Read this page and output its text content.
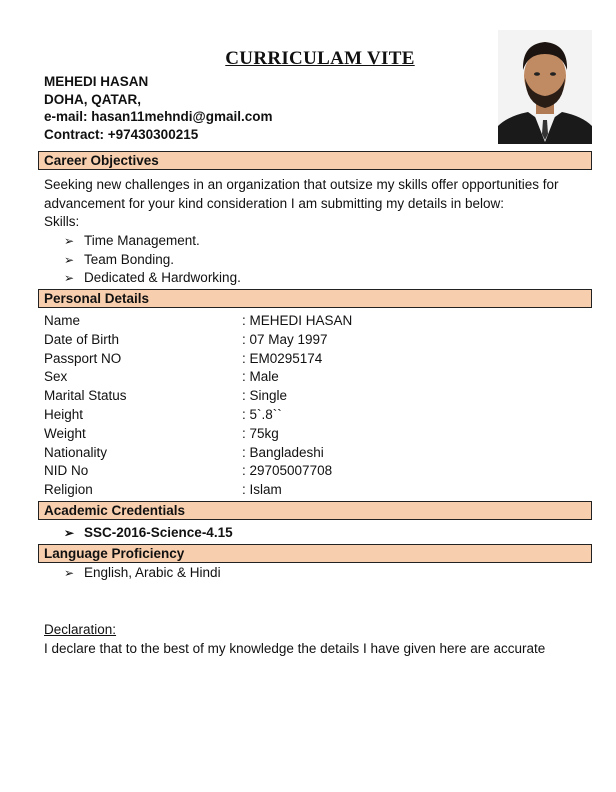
CURRICULAM VITE
MEHEDI HASAN
DOHA, QATAR,
e-mail: hasan11mehndi@gmail.com
Contract: +97430300215
Career Objectives
Seeking new challenges in an organization that outsize my skills offer opportunities for
advancement for your kind consideration I am submitting my details in below:
Skills:
➢ Time Management.
➢ Team Bonding.
➢ Dedicated & Hardworking.
Personal Details
Name	: MEHEDI HASAN
Date of Birth	: 07 May 1997
Passport NO	: EM0295174
Sex	: Male
Marital Status	: Single
Height	: 5`.8``
Weight	: 75kg
Nationality	: Bangladeshi
NID No	: 29705007708
Religion	: Islam
Academic Credentials
➢ SSC-2016-Science-4.15
Language Proficiency
➢ English, Arabic & Hindi
Declaration:
I declare that to the best of my knowledge the details I have given here are accurate
